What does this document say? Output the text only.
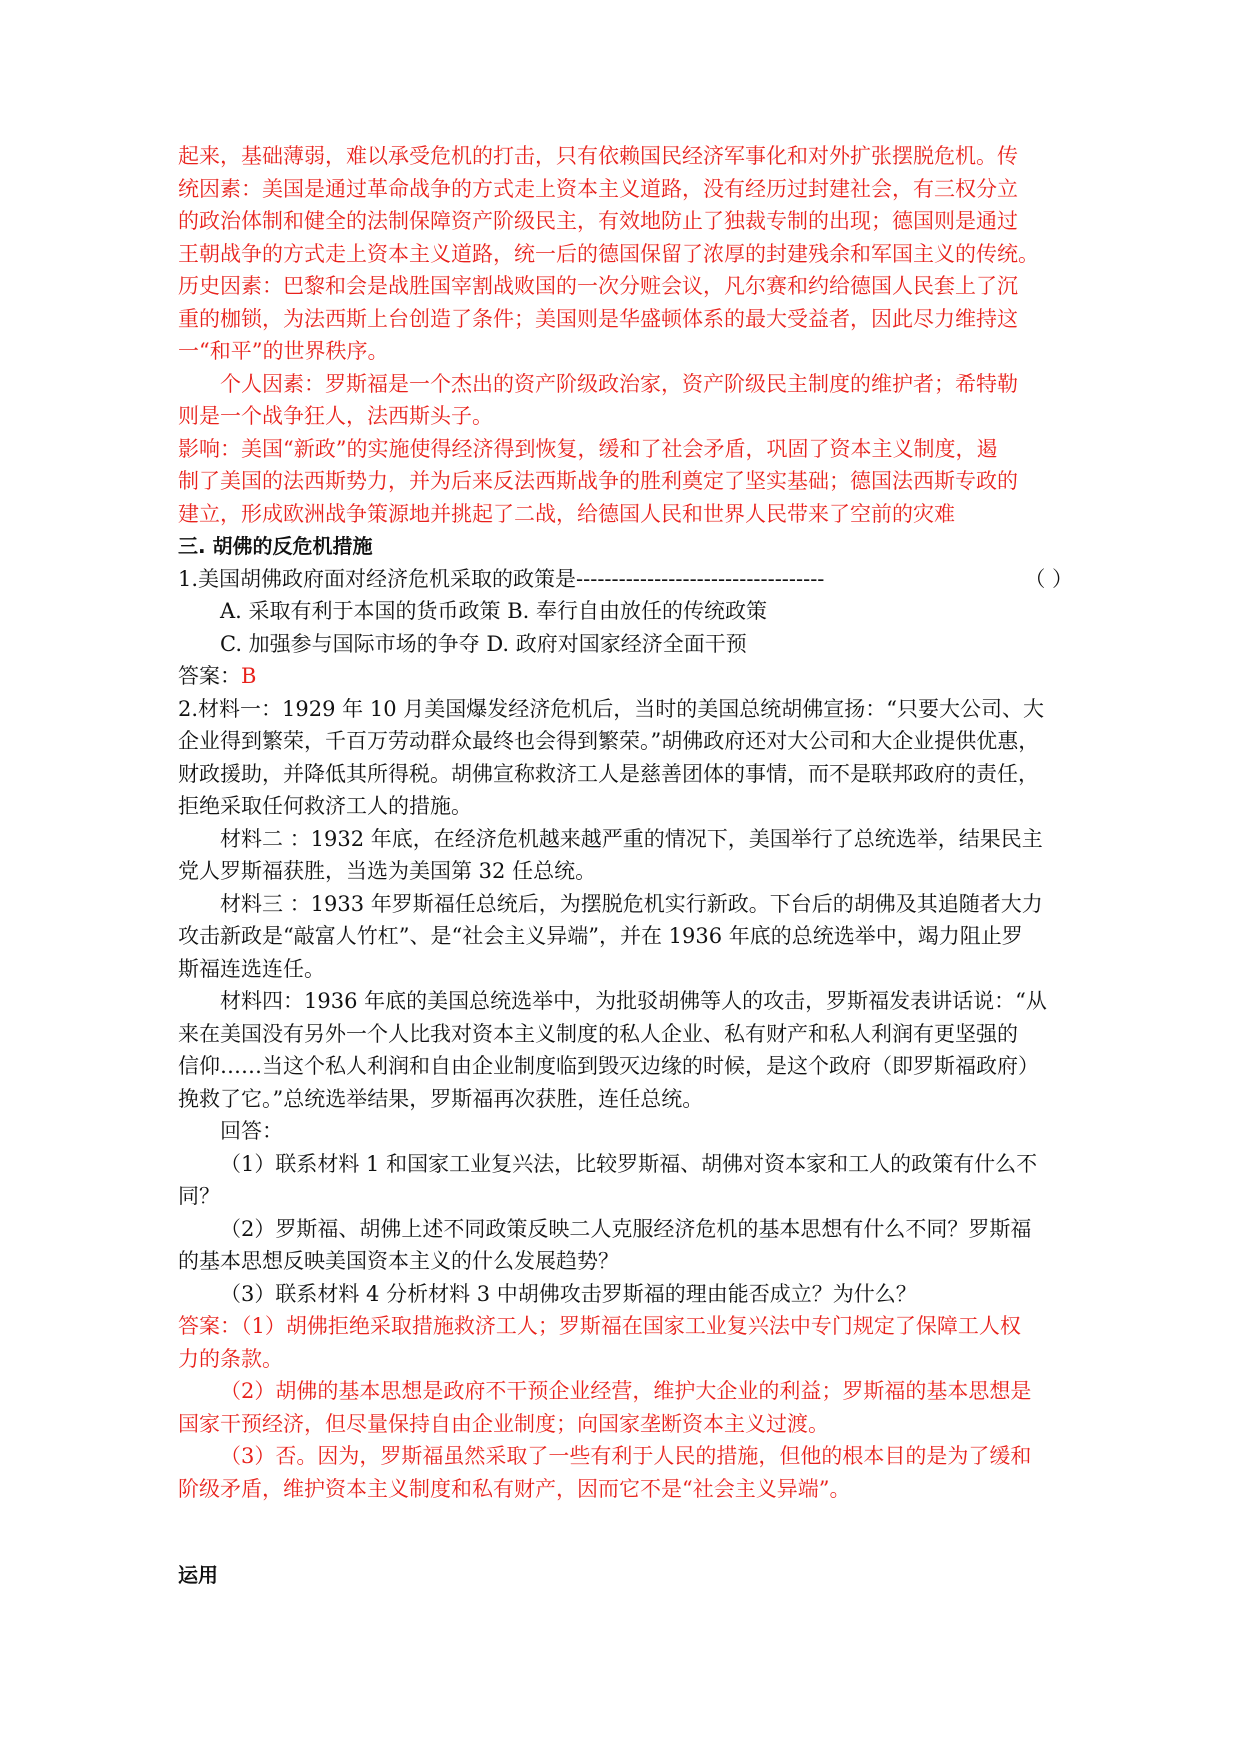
起来，基础薄弱，难以承受危机的打击，只有依赖国民经济军事化和对外扩张摆脱危机。传
统因素：美国是通过革命战争的方式走上资本主义道路，没有经历过封建社会，有三权分立
的政治体制和健全的法制保障资产阶级民主，有效地防止了独裁专制的出现；德国则是通过
王朝战争的方式走上资本主义道路，统一后的德国保留了浓厚的封建残余和军国主义的传统。
历史因素：巴黎和会是战胜国宰割战败国的一次分赃会议，凡尔赛和约给德国人民套上了沉
重的枷锁，为法西斯上台创造了条件；美国则是华盛顿体系的最大受益者，因此尽力维持这
一“和平”的世界秩序。
个人因素：罗斯福是一个杰出的资产阶级政治家，资产阶级民主制度的维护者；希特勒
则是一个战争狂人，法西斯头子。
影响：美国“新政”的实施使得经济得到恢复，缓和了社会矛盾，巩固了资本主义制度，遏
制了美国的法西斯势力，并为后来反法西斯战争的胜利奠定了坚实基础；德国法西斯专政的
建立，形成欧洲战争策源地并挑起了二战，给德国人民和世界人民带来了空前的灾难
三. 胡佛的反危机措施
1.美国胡佛政府面对经济危机采取的政策是-----------------------------------	（ ）
A. 采取有利于本国的货币政策 B. 奉行自由放任的传统政策
C. 加强参与国际市场的争夺 D. 政府对国家经济全面干预
答案：B
2.材料一：1929 年 10 月美国爆发经济危机后，当时的美国总统胡佛宣扬：“只要大公司、大
企业得到繁荣，千百万劳动群众最终也会得到繁荣。”胡佛政府还对大公司和大企业提供优惠，
财政援助，并降低其所得税。胡佛宣称救济工人是慈善团体的事情，而不是联邦政府的责任，
拒绝采取任何救济工人的措施。
材料二 ：1932 年底，在经济危机越来越严重的情况下，美国举行了总统选举，结果民主
党人罗斯福获胜，当选为美国第 32 任总统。
材料三 ：1933 年罗斯福任总统后，为摆脱危机实行新政。下台后的胡佛及其追随者大力
攻击新政是“敲富人竹杠”、是“社会主义异端”，并在 1936 年底的总统选举中，竭力阻止罗
斯福连选连任。
材料四：1936 年底的美国总统选举中，为批驳胡佛等人的攻击，罗斯福发表讲话说：“从
来在美国没有另外一个人比我对资本主义制度的私人企业、私有财产和私人利润有更坚强的
信仰……当这个私人利润和自由企业制度临到毁灭边缘的时候，是这个政府（即罗斯福政府）
挽救了它。”总统选举结果，罗斯福再次获胜，连任总统。
回答：
（1）联系材料 1 和国家工业复兴法，比较罗斯福、胡佛对资本家和工人的政策有什么不
同？
（2）罗斯福、胡佛上述不同政策反映二人克服经济危机的基本思想有什么不同？罗斯福
的基本思想反映美国资本主义的什么发展趋势？
（3）联系材料 4 分析材料 3 中胡佛攻击罗斯福的理由能否成立？为什么？
答案：（1）胡佛拒绝采取措施救济工人；罗斯福在国家工业复兴法中专门规定了保障工人权
力的条款。
（2）胡佛的基本思想是政府不干预企业经营，维护大企业的利益；罗斯福的基本思想是
国家干预经济，但尽量保持自由企业制度；向国家垄断资本主义过渡。
（3）否。因为，罗斯福虽然采取了一些有利于人民的措施，但他的根本目的是为了缓和
阶级矛盾，维护资本主义制度和私有财产，因而它不是“社会主义异端”。
运用
